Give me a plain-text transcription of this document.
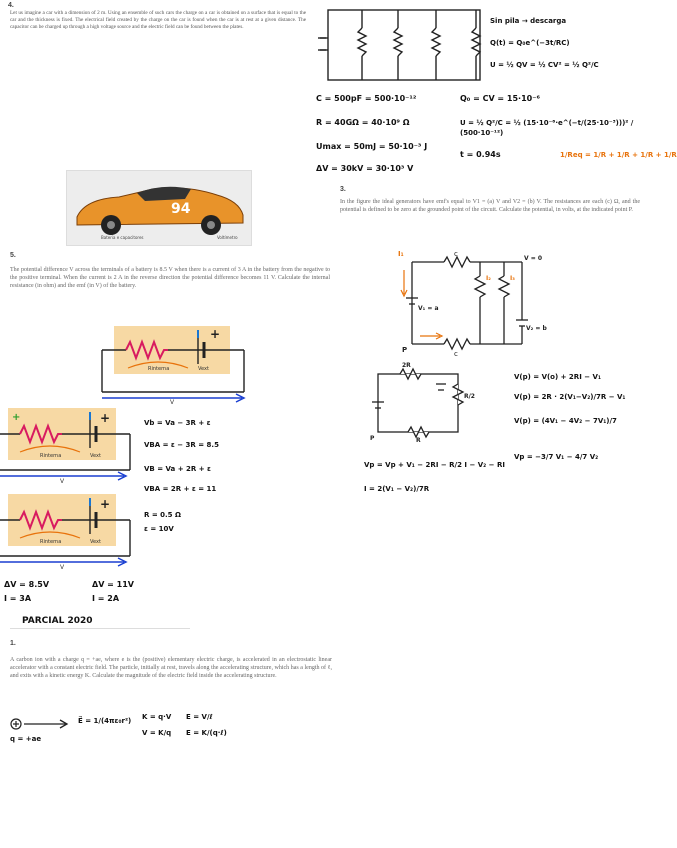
4.
Let us imagine a car with a dimension of 2 m. Using an ensemble of such cars the charge on a car is obtained on a surface that is equal to the car and the thickness is fixed. The electrical field created by the charge on the car is found when the car is at rest at a given distance. The capacitor can be charged up through a high voltage source and the electric field can be found between the plates.
94
Bateria e capacitores	Voltímetro
Sin pila → descarga
Q(t) = Q₀e^(−3t/RC)
U = ½ QV = ½ CV² = ½ Q²/C
C = 500pF = 500·10⁻¹²
R = 40GΩ = 40·10⁹ Ω
Umax = 50mJ = 50·10⁻³ J
ΔV = 30kV = 30·10³ V
Q₀ = CV = 15·10⁻⁶
U = ½ Q²/C = ½ (15·10⁻⁶·e^(−t/(25·10⁻³)))² / (500·10⁻¹²)
t = 0.94s	1/Req = 1/R + 1/R + 1/R + 1/R
3.
In the figure the ideal generators have emf's equal to V1 = (a) V and V2 = (b) V. The resistances are each (c) Ω, and the potential is defined to be zero at the grounded point of the circuit. Calculate the potential, in volts, at the indicated point P.
c
c
V = 0
V₁ = a
V₂ = b
P
I₁
I₂	I₃
2R
R/2
R
P
V(p) = V(o) + 2RI − V₁
V(p) = 2R · 2(V₁−V₂)/7R − V₁
V(p) = (4V₁ − 4V₂ − 7V₁)/7
Vp = −3/7 V₁ − 4/7 V₂
Vp = Vp + V₁ − 2RI − R/2 I − V₂ − RI
I = 2(V₁ − V₂)/7R
5.
The potential difference V across the terminals of a battery is 8.5 V when there is a current of 3 A in the battery from the negative to the positive terminal. When the current is 2 A in the reverse direction the potential difference becomes 11 V. Calculate the internal resistance (in ohm) and the emf (in V) of the battery.
+
Rinterna	Vext
V
+
+
Rinterna	Vext
V
+
Rinterna	Vext
V
Vb = Va − 3R + ε
VBA = ε − 3R = 8.5
VB = Va + 2R + ε
VBA = 2R + ε = 11
R = 0.5 Ω
ε = 10V
ΔV = 8.5V
I = 3A
ΔV = 11V
I = 2A
PARCIAL 2020
1.
A carbon ion with a charge q = +ae, where e is the (positive) elementary electric charge, is accelerated in an electrostatic linear accelerator with a constant electric field. The particle, initially at rest, travels along the accelerating structure, which has a length of ℓ, and exits with a kinetic energy K. Calculate the magnitude of the electric field inside the accelerating structure.
q = +ae
E⃗ = 1/(4πε₀r²) K = q·V
V = K/q
E = V/ℓ
E = K/(q·ℓ)
